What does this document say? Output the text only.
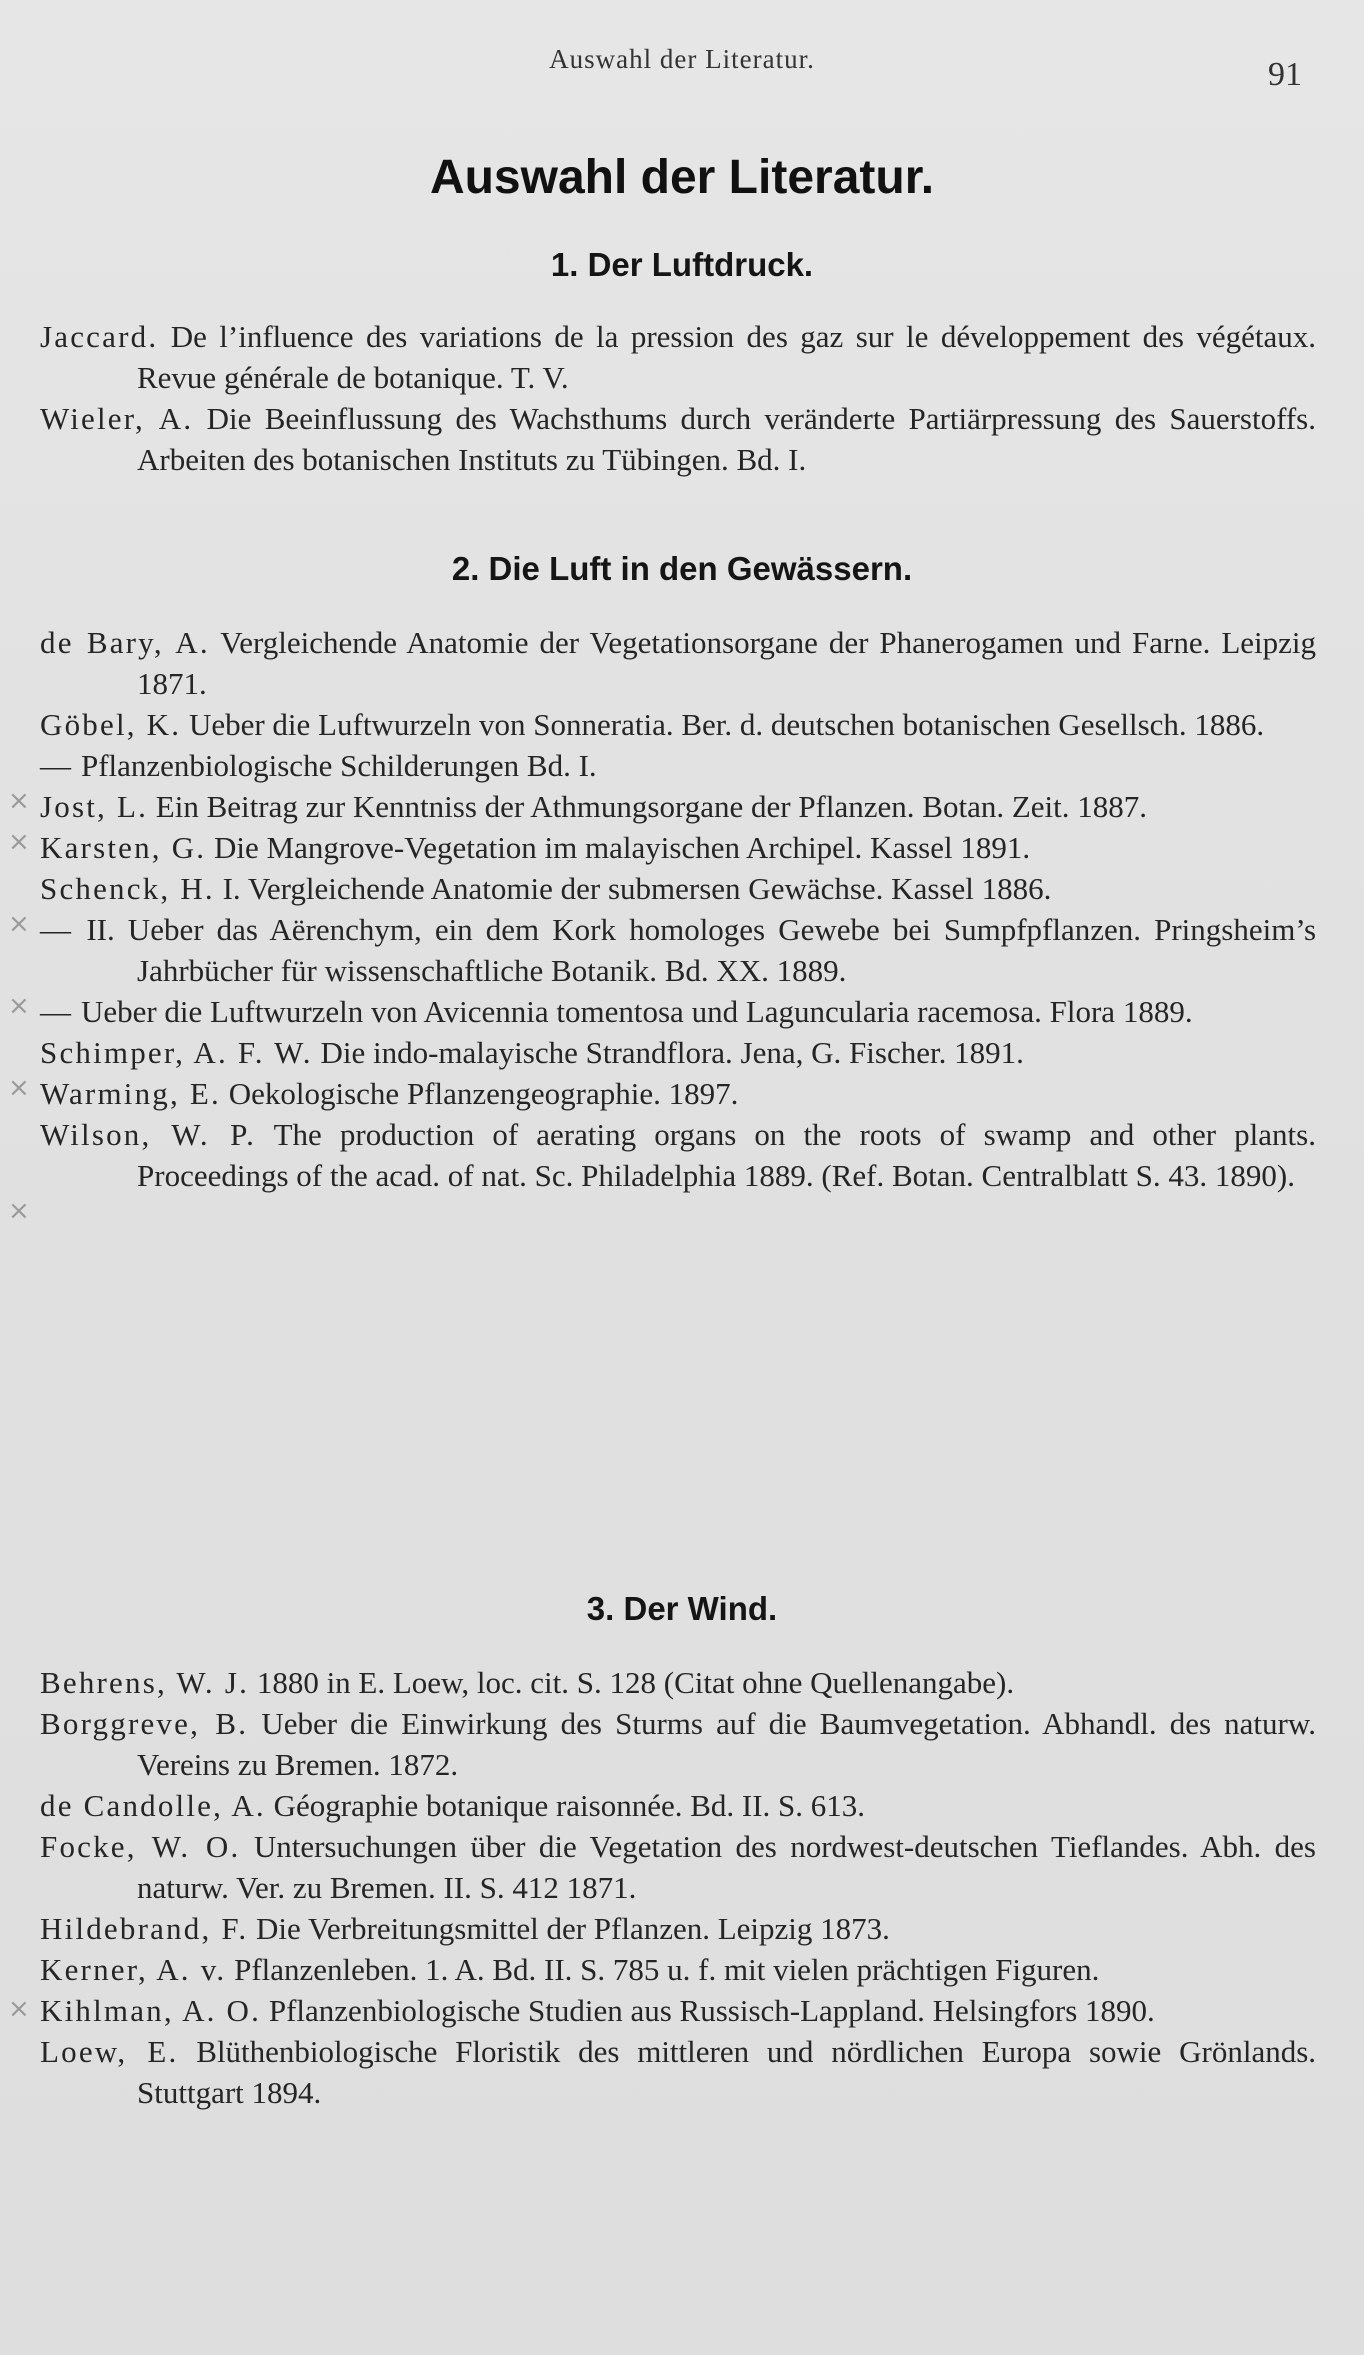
Auswahl der Literatur.	91
Auswahl der Literatur.
1. Der Luftdruck.

Jaccard. De l’influence des variations de la pression des gaz sur le développement des végétaux. Revue générale de botanique. T. V.

Wieler, A. Die Beeinflussung des Wachsthums durch veränderte Partiärpressung des Sauerstoffs. Arbeiten des botanischen Instituts zu Tübingen. Bd. I.

2. Die Luft in den Gewässern.

de Bary, A. Vergleichende Anatomie der Vegetationsorgane der Phanerogamen und Farne. Leipzig 1871.

Göbel, K. Ueber die Luftwurzeln von Sonneratia. Ber. d. deutschen botanischen Gesellsch. 1886.

— Pflanzenbiologische Schilderungen Bd. I.

Jost, L. Ein Beitrag zur Kenntniss der Athmungsorgane der Pflanzen. Botan. Zeit. 1887.

Karsten, G. Die Mangrove-Vegetation im malayischen Archipel. Kassel 1891.

Schenck, H. I. Vergleichende Anatomie der submersen Gewächse. Kassel 1886.

— II. Ueber das Aërenchym, ein dem Kork homologes Gewebe bei Sumpfpflanzen. Pringsheim’s Jahrbücher für wissenschaftliche Botanik. Bd. XX. 1889.

— Ueber die Luftwurzeln von Avicennia tomentosa und Laguncularia racemosa. Flora 1889.

Schimper, A. F. W. Die indo-malayische Strandflora. Jena, G. Fischer. 1891.

Warming, E. Oekologische Pflanzengeographie. 1897.

Wilson, W. P. The production of aerating organs on the roots of swamp and other plants. Proceedings of the acad. of nat. Sc. Philadelphia 1889. (Ref. Botan. Centralblatt S. 43. 1890).

3. Der Wind.

Behrens, W. J. 1880 in E. Loew, loc. cit. S. 128 (Citat ohne Quellenangabe).

Borggreve, B. Ueber die Einwirkung des Sturms auf die Baumvegetation. Abhandl. des naturw. Vereins zu Bremen. 1872.

de Candolle, A. Géographie botanique raisonnée. Bd. II. S. 613.

Focke, W. O. Untersuchungen über die Vegetation des nordwest-deutschen Tieflandes. Abh. des naturw. Ver. zu Bremen. II. S. 412 1871.

Hildebrand, F. Die Verbreitungsmittel der Pflanzen. Leipzig 1873.

Kerner, A. v. Pflanzenleben. 1. A. Bd. II. S. 785 u. f. mit vielen prächtigen Figuren.

Kihlman, A. O. Pflanzenbiologische Studien aus Russisch-Lappland. Helsingfors 1890.

Loew, E. Blüthenbiologische Floristik des mittleren und nördlichen Europa sowie Grönlands. Stuttgart 1894.

×
×
×
×
×
×
×
